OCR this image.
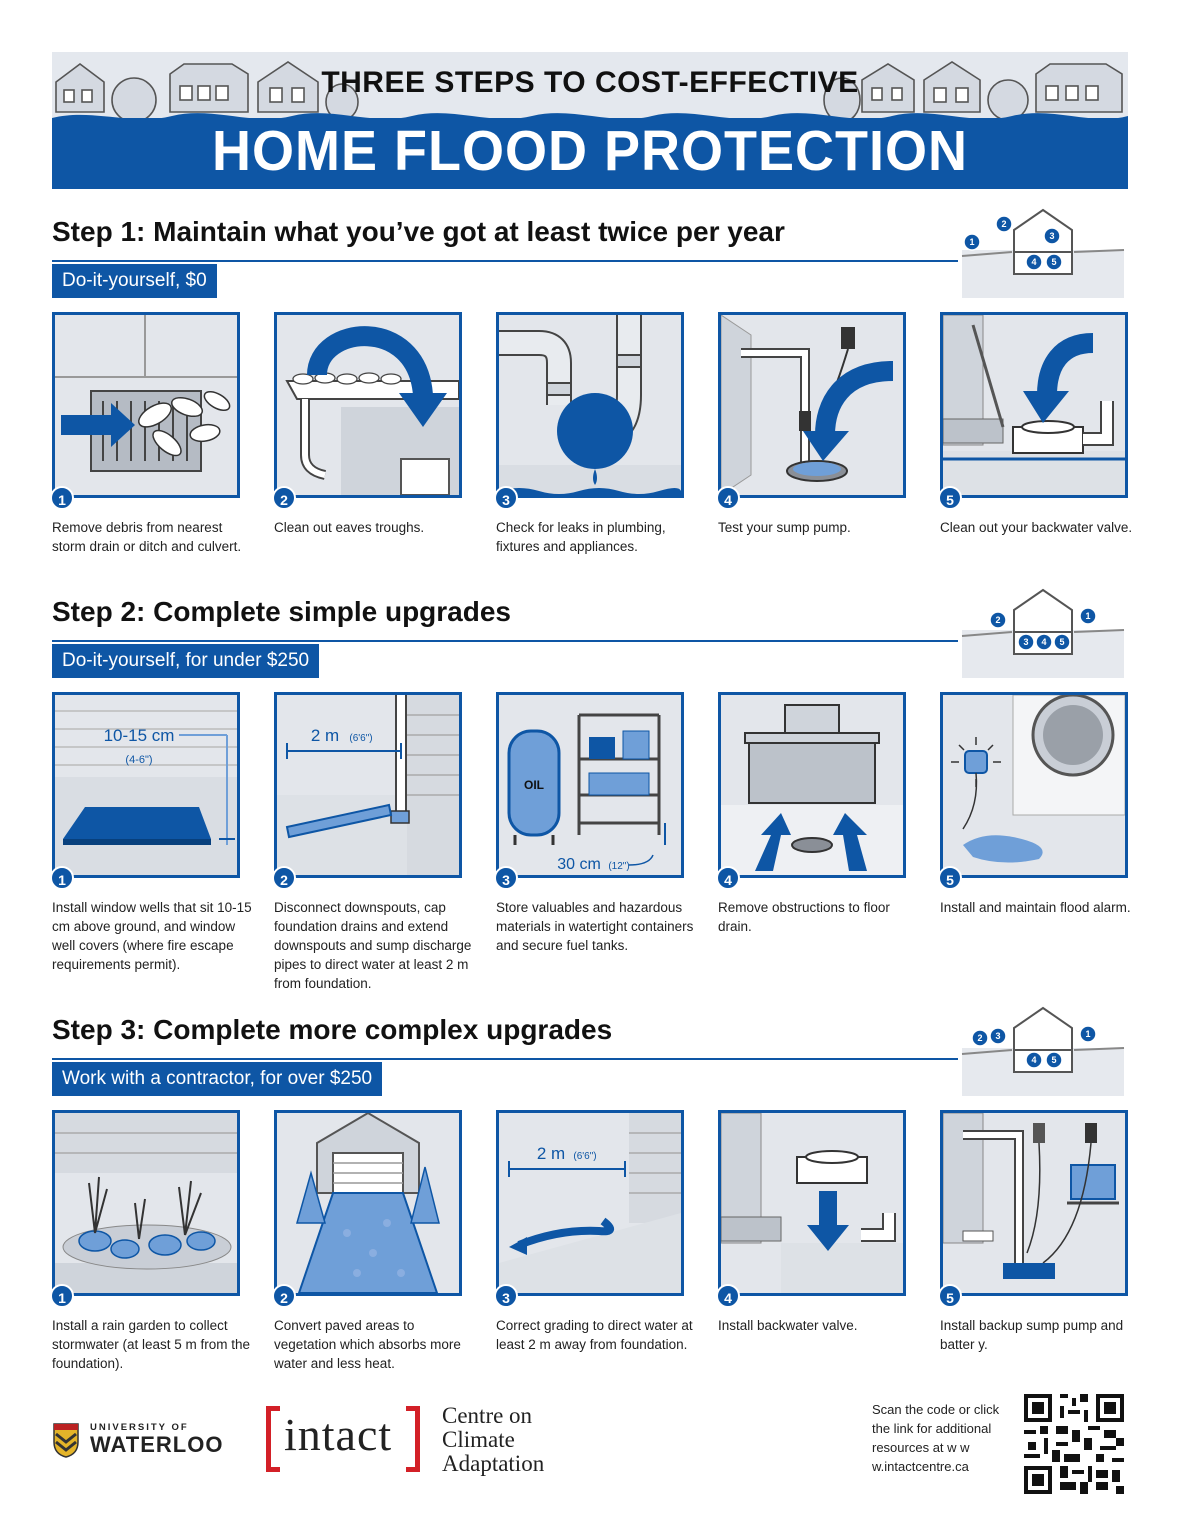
THREE STEPS TO COST-EFFECTIVE
HOME FLOOD PROTECTION
Step 1: Maintain what you’ve got at least twice per year
Do-it-yourself, $0
1
2
3
4 5
1
Remove debris from nearest storm drain or ditch and culvert.
2
Clean out eaves troughs.
3
Check for leaks in plumbing, fixtures and appliances.
4
Test your sump pump.
5
Clean out your backwater valve.
Step 2: Complete simple upgrades
Do-it-yourself, for under $250
1
2
3 4 5
10-15 cm
(4-6")
1
Install window wells that sit 10-15 cm above ground, and window well covers (where fire escape requirements permit).
2 m (6'6")
2
Disconnect downspouts, cap foundation drains and extend downspouts and sump discharge pipes to direct water at least 2 m from foundation.
OIL
30 cm (12")
3
Store valuables and hazardous materials in watertight containers and secure fuel tanks.
4
Remove obstructions to floor drain.
5
Install and maintain flood alarm.
Step 3: Complete more complex upgrades
Work with a contractor, for over $250
1
2 3
4 5
1
Install a rain garden to collect stormwater (at least 5 m from the foundation).
2
Convert paved areas to vegetation which absorbs more water and less heat.
2 m (6'6")
3
Correct grading to direct water at least 2 m away from foundation.
4
Install backwater valve.
5
Install backup sump pump and batter y.
UNIVERSITY OF
WATERLOO intact Centre on Climate Adaptation
Scan the code or click the link for additional resources at w w w.intactcentre.ca
